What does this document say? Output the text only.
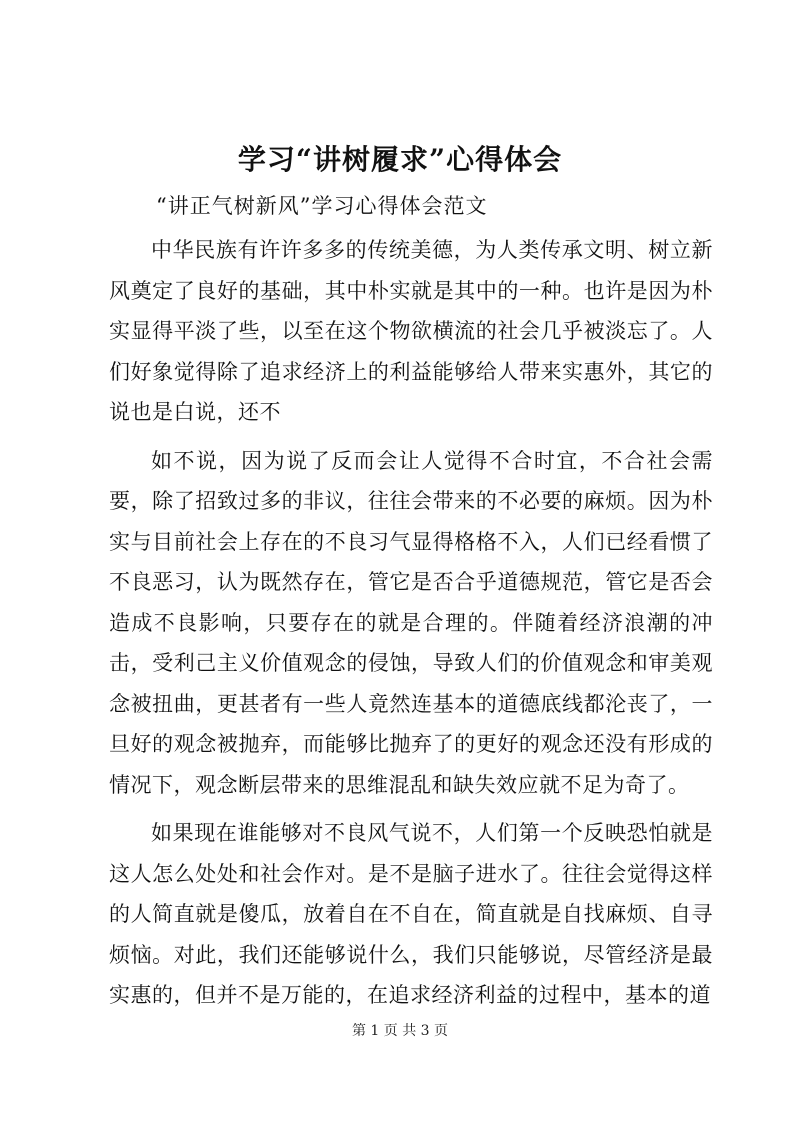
学习“讲树履求”心得体会
“讲正气树新风”学习心得体会范文

中华民族有许许多多的传统美德，为人类传承文明、树立新风奠定了良好的基础，其中朴实就是其中的一种。也许是因为朴实显得平淡了些，以至在这个物欲横流的社会几乎被淡忘了。人们好象觉得除了追求经济上的利益能够给人带来实惠外，其它的说也是白说，还不

如不说，因为说了反而会让人觉得不合时宜，不合社会需要，除了招致过多的非议，往往会带来的不必要的麻烦。因为朴实与目前社会上存在的不良习气显得格格不入，人们已经看惯了不良恶习，认为既然存在，管它是否合乎道德规范，管它是否会造成不良影响，只要存在的就是合理的。伴随着经济浪潮的冲击，受利己主义价值观念的侵蚀，导致人们的价值观念和审美观念被扭曲，更甚者有一些人竟然连基本的道德底线都沦丧了，一旦好的观念被抛弃，而能够比抛弃了的更好的观念还没有形成的情况下，观念断层带来的思维混乱和缺失效应就不足为奇了。

如果现在谁能够对不良风气说不，人们第一个反映恐怕就是这人怎么处处和社会作对。是不是脑子进水了。往往会觉得这样的人简直就是傻瓜，放着自在不自在，简直就是自找麻烦、自寻烦恼。对此，我们还能够说什么，我们只能够说，尽管经济是最实惠的，但并不是万能的，在追求经济利益的过程中，基本的道

第 1 页 共 3 页
